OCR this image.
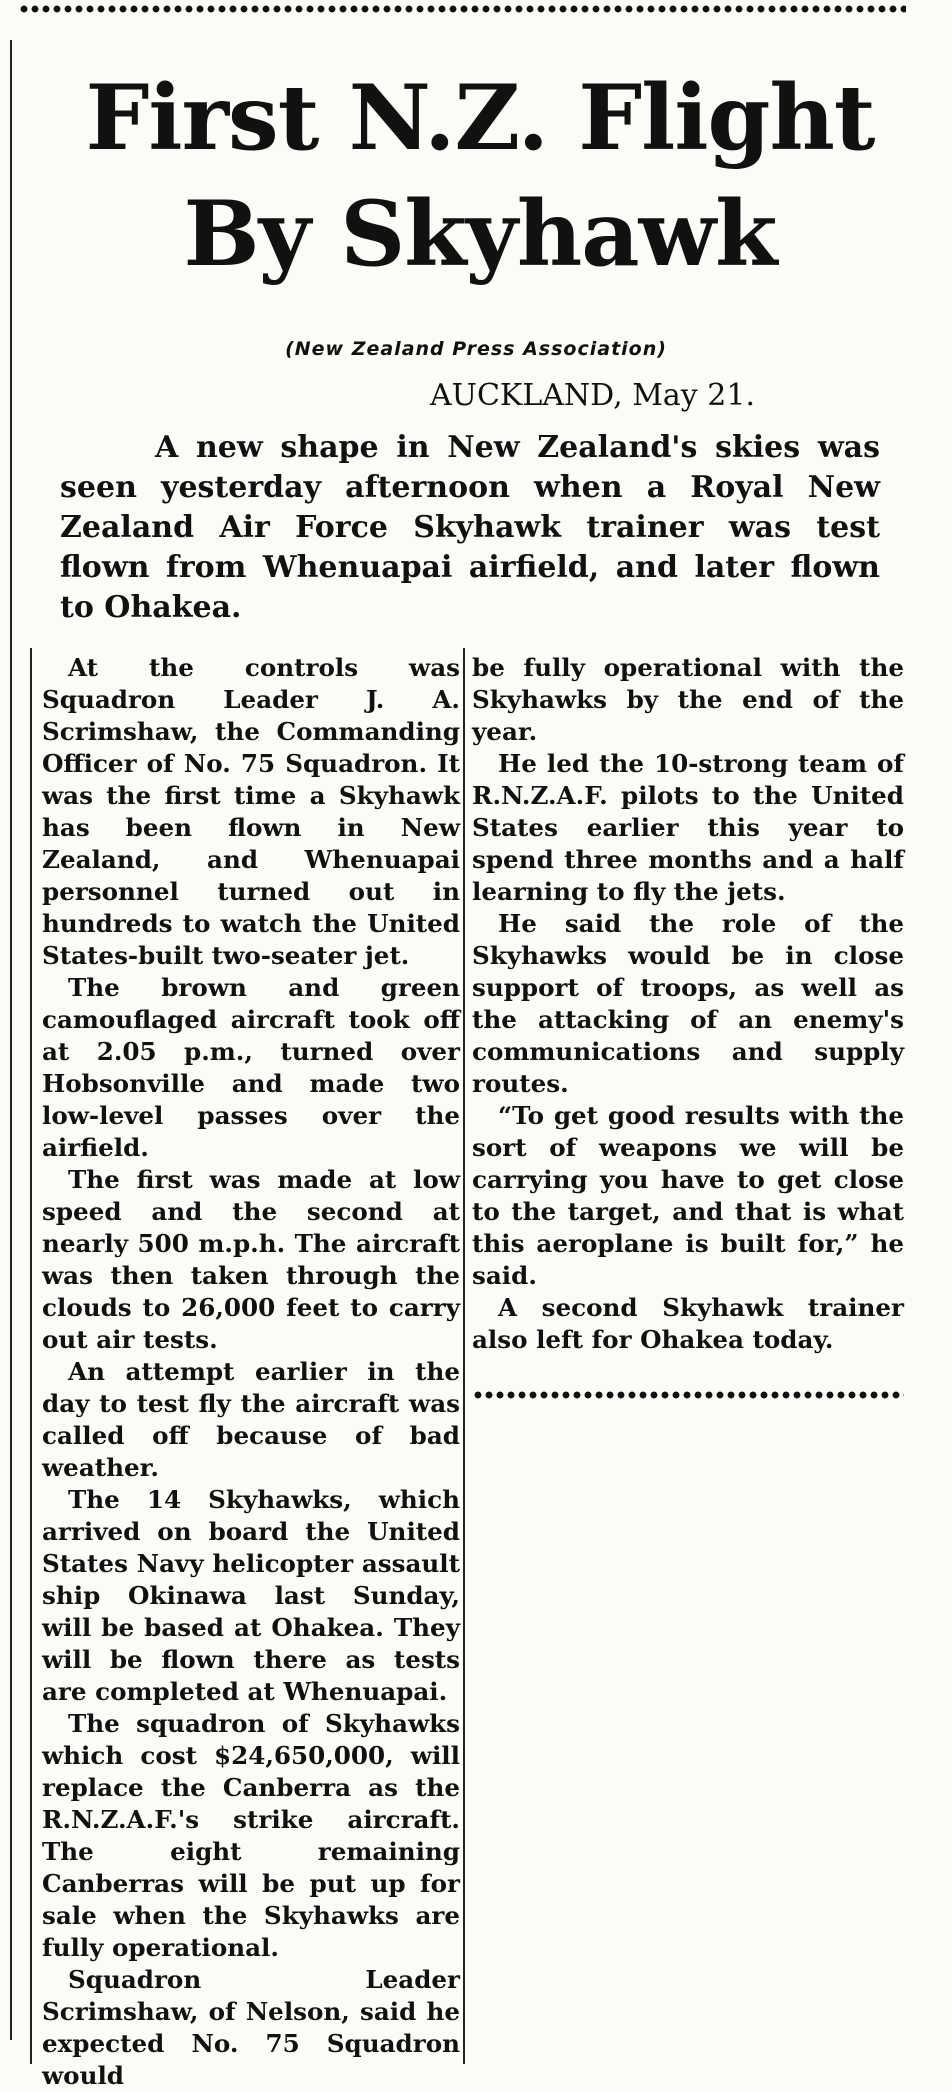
First N.Z. Flight
By Skyhawk
(New Zealand Press Association)
AUCKLAND, May 21.
A new shape in New Zealand's skies was seen yesterday afternoon when a Royal New Zealand Air Force Skyhawk trainer was test flown from Whenuapai airfield, and later flown to Ohakea.

At the controls was Squadron Leader J. A. Scrimshaw, the Commanding Officer of No. 75 Squadron. It was the first time a Skyhawk has been flown in New Zealand, and Whenuapai personnel turned out in hundreds to watch the United States-built two-seater jet.

The brown and green camouflaged aircraft took off at 2.05 p.m., turned over Hobsonville and made two low-level passes over the airfield.

The first was made at low speed and the second at nearly 500 m.p.h. The aircraft was then taken through the clouds to 26,000 feet to carry out air tests.

An attempt earlier in the day to test fly the aircraft was called off because of bad weather.

The 14 Skyhawks, which arrived on board the United States Navy helicopter assault ship Okinawa last Sunday, will be based at Ohakea. They will be flown there as tests are completed at Whenuapai.

The squadron of Skyhawks which cost $24,650,000, will replace the Canberra as the R.N.Z.A.F.'s strike aircraft. The eight remaining Canberras will be put up for sale when the Skyhawks are fully operational.

Squadron Leader Scrimshaw, of Nelson, said he expected No. 75 Squadron would

be fully operational with the Skyhawks by the end of the year.

He led the 10-strong team of R.N.Z.A.F. pilots to the United States earlier this year to spend three months and a half learning to fly the jets.

He said the role of the Skyhawks would be in close support of troops, as well as the attacking of an enemy's communications and supply routes.

“To get good results with the sort of weapons we will be carrying you have to get close to the target, and that is what this aeroplane is built for,” he said.

A second Skyhawk trainer also left for Ohakea today.
